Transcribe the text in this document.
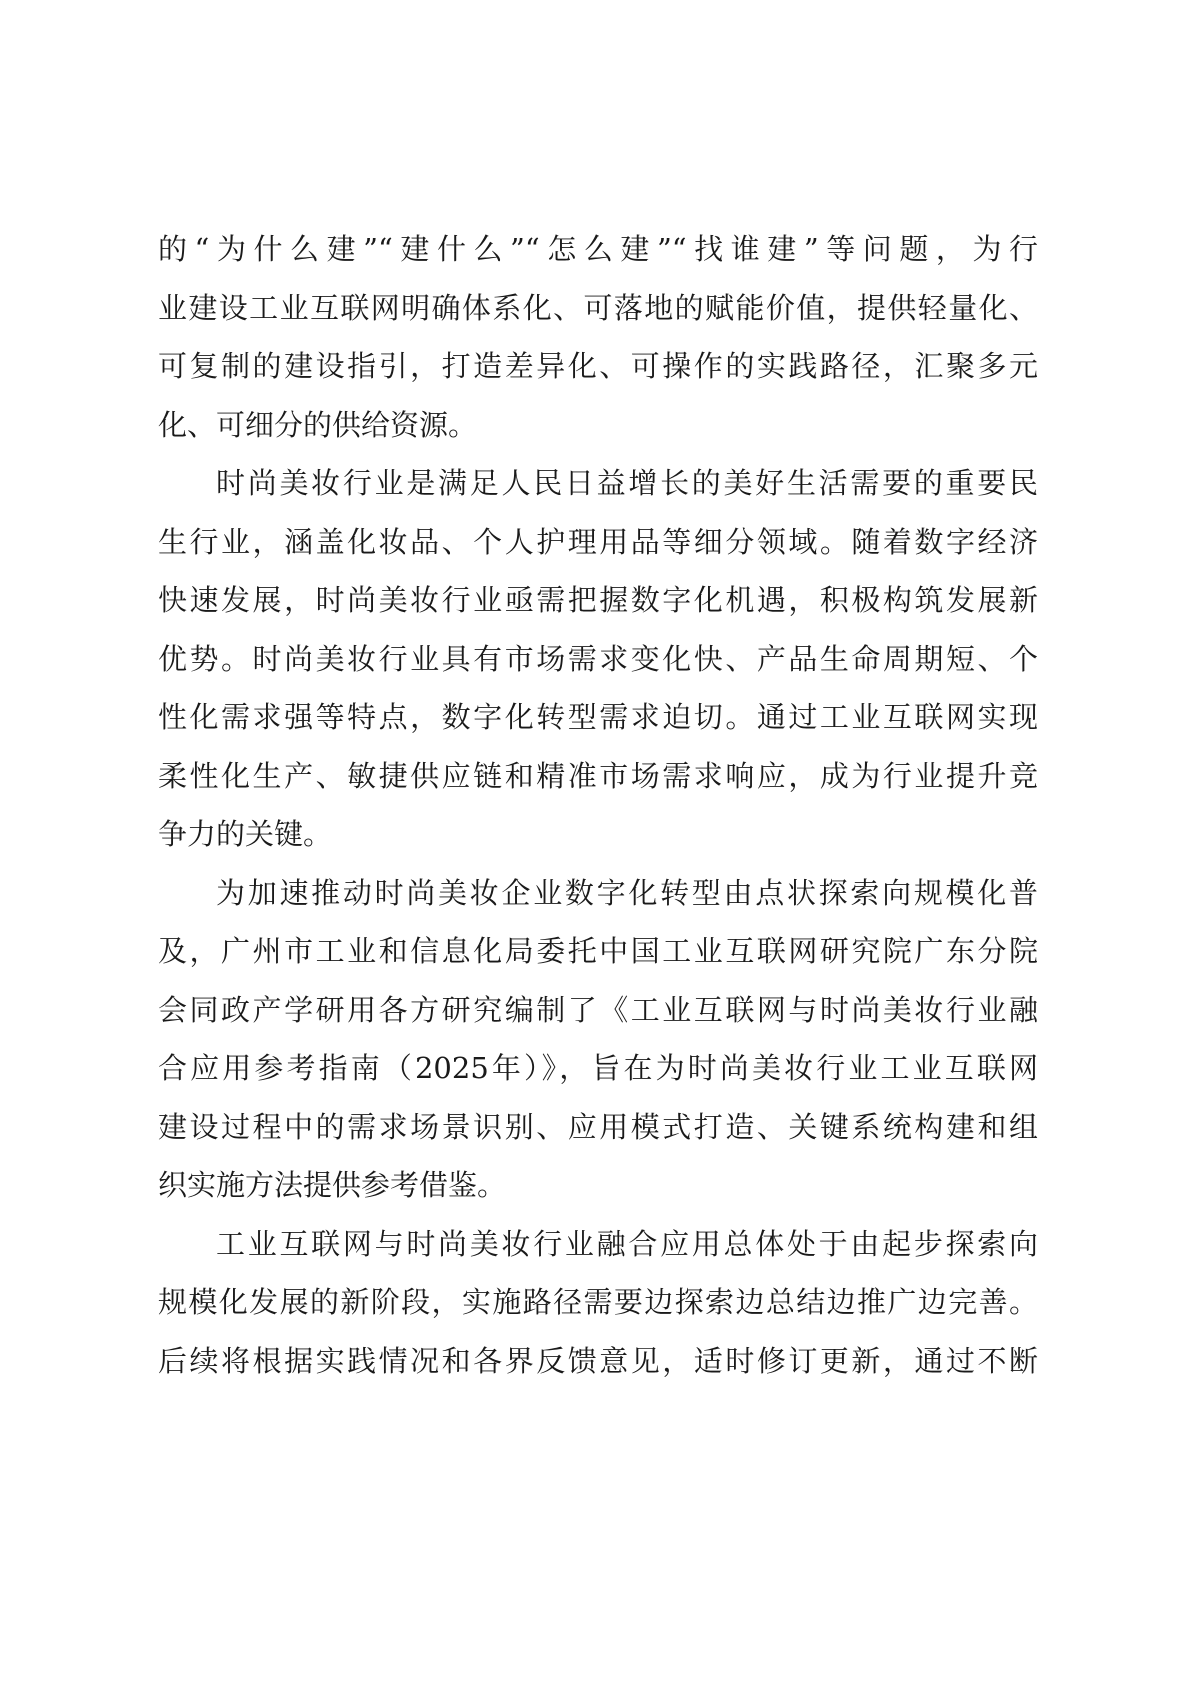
的“为什么建”“建什么”“怎么建”“找谁建”等问题，为行
业建设工业互联网明确体系化、可落地的赋能价值，提供轻量化、
可复制的建设指引，打造差异化、可操作的实践路径，汇聚多元
化、可细分的供给资源。
时尚美妆行业是满足人民日益增长的美好生活需要的重要民
生行业，涵盖化妆品、个人护理用品等细分领域。随着数字经济
快速发展，时尚美妆行业亟需把握数字化机遇，积极构筑发展新
优势。时尚美妆行业具有市场需求变化快、产品生命周期短、个
性化需求强等特点，数字化转型需求迫切。通过工业互联网实现
柔性化生产、敏捷供应链和精准市场需求响应，成为行业提升竞
争力的关键。
为加速推动时尚美妆企业数字化转型由点状探索向规模化普
及，广州市工业和信息化局委托中国工业互联网研究院广东分院
会同政产学研用各方研究编制了《工业互联网与时尚美妆行业融
合应用参考指南（2025年）》，旨在为时尚美妆行业工业互联网
建设过程中的需求场景识别、应用模式打造、关键系统构建和组
织实施方法提供参考借鉴。
工业互联网与时尚美妆行业融合应用总体处于由起步探索向
规模化发展的新阶段，实施路径需要边探索边总结边推广边完善。
后续将根据实践情况和各界反馈意见，适时修订更新，通过不断
